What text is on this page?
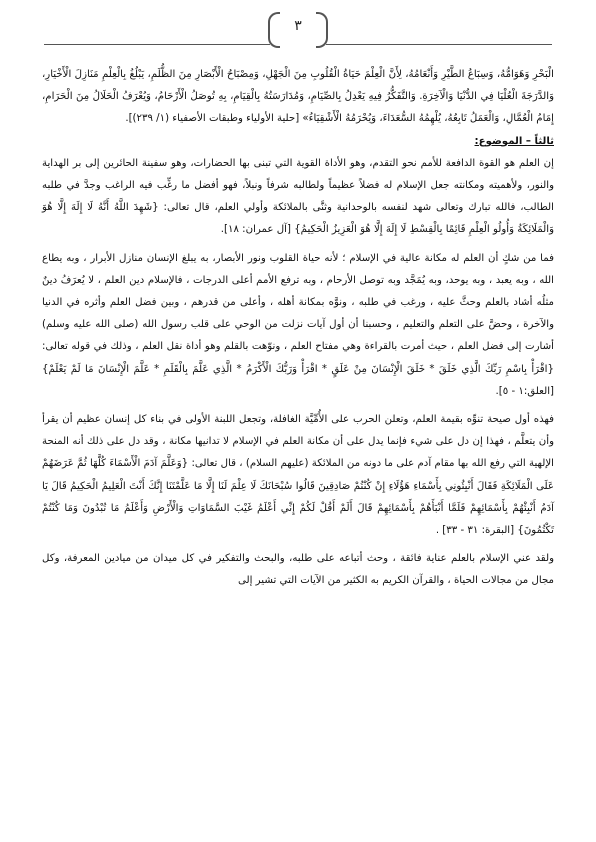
٣

الْبَحْرِ وَهَوَامُّهُ، وَسِبَاعُ الطَّيْرِ وَأَنْعَامُهُ، لِأَنَّ الْعِلْمَ حَيَاةُ الْقُلُوبِ مِنَ الْجَهْلِ، وَمِصْبَاحُ الْأَبْصَارِ مِنَ الظُّلَمِ، يَبْلُغُ بِالْعِلْمِ مَنَازِلَ الْأَخْيَارِ، وَالدَّرَجَةَ الْعُلْيَا فِي الدُّنْيَا وَالْآخِرَةِ. وَالتَّفَكُّرُ فِيهِ يَعْدِلُ بِالصِّيَامِ، وَمُدَارَسَتُهُ بِالْقِيَامِ، بِهِ تُوصَلُ الْأَرْحَامُ، وَيُعْرَفُ الْحَلَالُ مِنَ الْحَرَامِ، إِمَامُ الْعُمَّالِ، وَالْعَمَلُ تَابِعُهُ، يُلْهِمُهُ السُّعَدَاءَ، وَيُحْرَمُهُ الْأَشْقِيَاءُ» [حلية الأولياء وطبقات الأصفياء (١/ ٢٣٩)].

ثالثاً – الموضوع:

إن العلم هو القوة الدافعة للأمم نحو التقدم، وهو الأداة القوية التي تبنى بها الحضارات، وهو سفينة الحائرين إلى بر الهداية والنور، ولأهميته ومكانته جعل الإسلام له فضلاً عظيماً ولطالبه شرفاً ونبلاً، فهو أفضل ما رغِّب فيه الراغب وجدَّ في طلبه الطالب، فالله تبارك وتعالى شهد لنفسه بالوحدانية وثنَّى بالملائكة وأولي العلم، قال تعالى: {شَهِدَ اللَّهُ أَنَّهُ لَا إِلَهَ إِلَّا هُوَ وَالْمَلَائِكَةُ وَأُولُو الْعِلْمِ قَائِمًا بِالْقِسْطِ لَا إِلَهَ إِلَّا هُوَ الْعَزِيزُ الْحَكِيمُ} [آل عمران: ١٨].

فما من شكٍ أن العلم له مكانة عالية في الإسلام ؛ لأنه حياة القلوب ونور الأبصار، به يبلغ الإنسان منازل الأبرار ، وبه يطاع الله ، وبه يعبد ، وبه يوحد، وبه يُمَجَّد وبه توصل الأرحام ، وبه ترفع الأمم أعلى الدرجات ، فالإسلام دين العلم ، لا يُعرَفُ دينٌ مثلُه أشاد بالعلم وحثَّ عليه ، ورغب في طلبه ، ونوَّه بمكانة أهله ، وأعلى من قدرهم ، وبين فضل العلم وأثره في الدنيا والآخرة ، وحضَّ على التعلم والتعليم ، وحسبنا أن أول آيات نزلت من الوحي على قلب رسول الله (صلى الله عليه وسلم) أشارت إلى فضل العلم ، حيث أمرت بالقراءة وهي مفتاح العلم ، ونوّهت بالقلم وهو أداة نقل العلم ، وذلك في قوله تعالى: {اقْرَأْ بِاسْمِ رَبِّكَ الَّذِي خَلَقَ * خَلَقَ الْإِنْسَانَ مِنْ عَلَقٍ * اقْرَأْ وَرَبُّكَ الْأَكْرَمُ * الَّذِي عَلَّمَ بِالْقَلَمِ * عَلَّمَ الْإِنْسَانَ مَا لَمْ يَعْلَمْ} [العلق:١ - ٥].

فهذه أول صيحة تنوِّه بقيمة العلم، وتعلن الحرب على الأُمِّيَّة الغافلة، وتجعل اللبنة الأولى في بناء كل إنسان عظيم أن يقرأ وأن يتعلَّم ، فهذا إن دل على شيء فإنما يدل على أن مكانة العلم في الإسلام لا تدانيها مكانة ، وقد دل على ذلك أنه المنحة الإلهية التي رفع الله بها مقام آدم على ما دونه من الملائكة (عليهم السلام) ، قال تعالى: {وَعَلَّمَ آدَمَ الْأَسْمَاءَ كُلَّهَا ثُمَّ عَرَضَهُمْ عَلَى الْمَلَائِكَةِ فَقَالَ أَنْبِئُونِي بِأَسْمَاءِ هَؤُلَاءِ إِنْ كُنْتُمْ صَادِقِينَ قَالُوا سُبْحَانَكَ لَا عِلْمَ لَنَا إِلَّا مَا عَلَّمْتَنَا إِنَّكَ أَنْتَ الْعَلِيمُ الْحَكِيمُ قَالَ يَا آدَمُ أَنْبِئْهُمْ بِأَسْمَائِهِمْ فَلَمَّا أَنْبَأَهُمْ بِأَسْمَائِهِمْ قَالَ أَلَمْ أَقُلْ لَكُمْ إِنِّي أَعْلَمُ غَيْبَ السَّمَاوَاتِ وَالْأَرْضِ وَأَعْلَمُ مَا تُبْدُونَ وَمَا كُنْتُمْ تَكْتُمُونَ} [البقرة: ٣١ - ٣٣] .

ولقد عني الإسلام بالعلم عناية فائقة ، وحث أتباعه على طلبه، والبحث والتفكير في كل ميدان من ميادين المعرفة، وكل مجال من مجالات الحياة ، والقرآن الكريم به الكثير من الآيات التي تشير إلى
